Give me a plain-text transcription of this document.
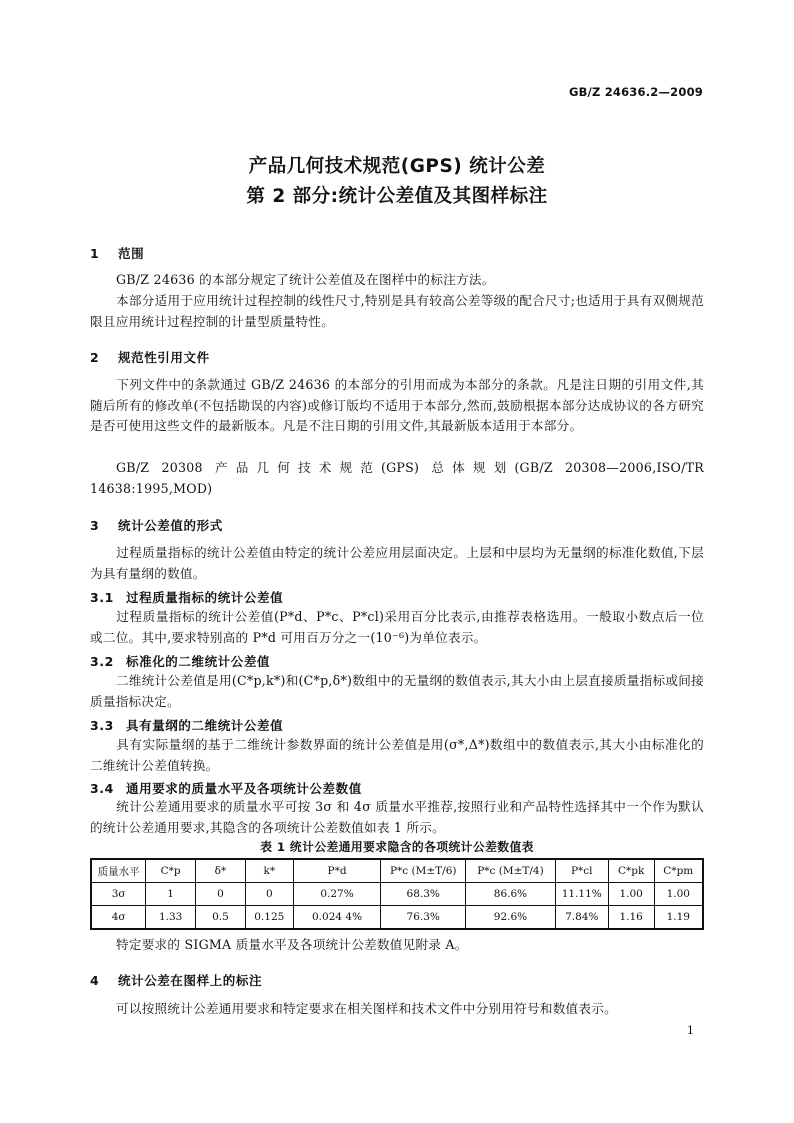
GB/Z 24636.2—2009
产品几何技术规范(GPS) 统计公差
第 2 部分:统计公差值及其图样标注
1 范围
GB/Z 24636 的本部分规定了统计公差值及在图样中的标注方法。
本部分适用于应用统计过程控制的线性尺寸,特别是具有较高公差等级的配合尺寸;也适用于具有双侧规范限且应用统计过程控制的计量型质量特性。
2 规范性引用文件
下列文件中的条款通过 GB/Z 24636 的本部分的引用而成为本部分的条款。凡是注日期的引用文件,其随后所有的修改单(不包括勘误的内容)或修订版均不适用于本部分,然而,鼓励根据本部分达成协议的各方研究是否可使用这些文件的最新版本。凡是不注日期的引用文件,其最新版本适用于本部分。
GB/Z 20308 产品几何技术规范(GPS) 总体规划(GB/Z 20308—2006,ISO/TR 14638:1995,MOD)
3 统计公差值的形式
过程质量指标的统计公差值由特定的统计公差应用层面决定。上层和中层均为无量纲的标准化数值,下层为具有量纲的数值。
3.1 过程质量指标的统计公差值
过程质量指标的统计公差值(P*d、P*c、P*cl)采用百分比表示,由推荐表格选用。一般取小数点后一位或二位。其中,要求特别高的 P*d 可用百万分之一(10⁻⁶)为单位表示。
3.2 标准化的二维统计公差值
二维统计公差值是用(C*p,k*)和(C*p,δ*)数组中的无量纲的数值表示,其大小由上层直接质量指标或间接质量指标决定。
3.3 具有量纲的二维统计公差值
具有实际量纲的基于二维统计参数界面的统计公差值是用(σ*,Δ*)数组中的数值表示,其大小由标准化的二维统计公差值转换。
3.4 通用要求的质量水平及各项统计公差数值
统计公差通用要求的质量水平可按 3σ 和 4σ 质量水平推荐,按照行业和产品特性选择其中一个作为默认的统计公差通用要求,其隐含的各项统计公差数值如表 1 所示。
表 1 统计公差通用要求隐含的各项统计公差数值表
质量水平	C*p	δ*	k*	P*d	P*c (M±T/6)	P*c (M±T/4)	P*cl	C*pk	C*pm
3σ	1	0	0	0.27%	68.3%	86.6%	11.11%	1.00	1.00
4σ	1.33	0.5	0.125	0.024 4%	76.3%	92.6%	7.84%	1.16	1.19
特定要求的 SIGMA 质量水平及各项统计公差数值见附录 A。
4 统计公差在图样上的标注
可以按照统计公差通用要求和特定要求在相关图样和技术文件中分别用符号和数值表示。
1
